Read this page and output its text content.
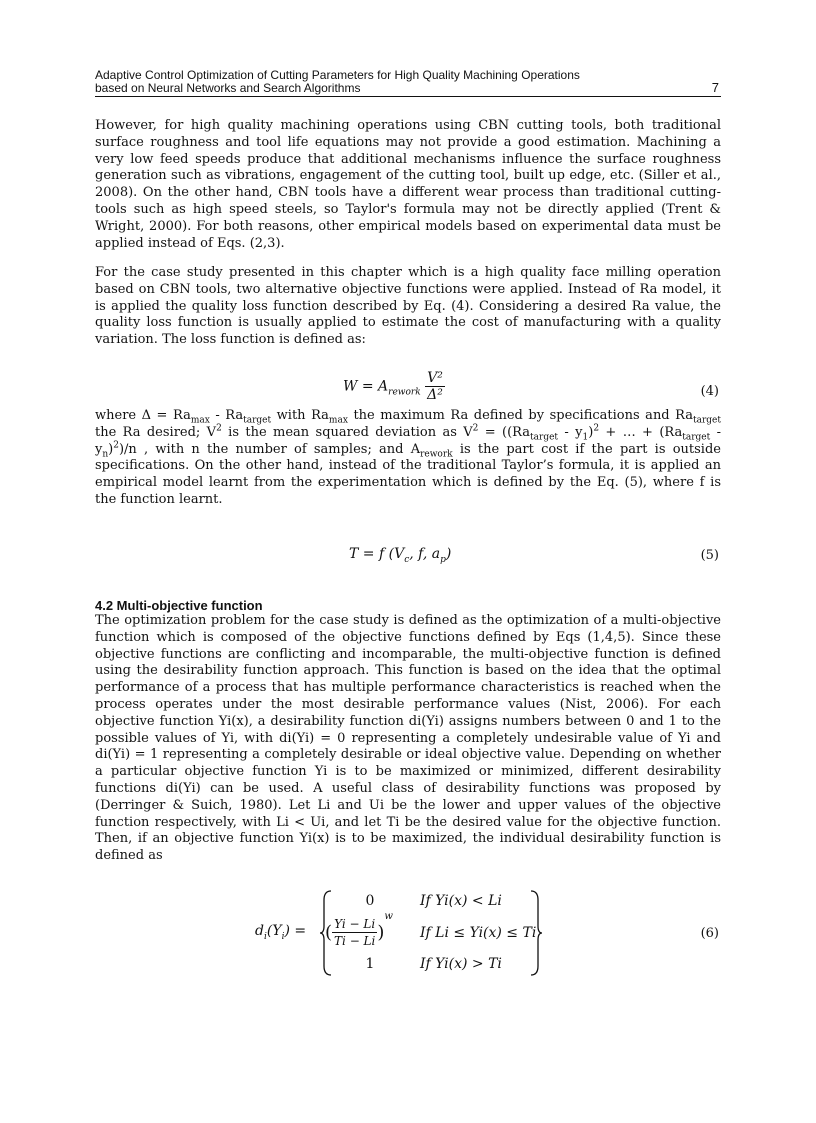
Adaptive Control Optimization of Cutting Parameters for High Quality Machining Operations
based on Neural Networks and Search Algorithms	7
However, for high quality machining operations using CBN cutting tools, both traditional surface roughness and tool life equations may not provide a good estimation. Machining a very low feed speeds produce that additional mechanisms influence the surface roughness generation such as vibrations, engagement of the cutting tool, built up edge, etc. (Siller et al., 2008). On the other hand, CBN tools have a different wear process than traditional cutting-tools such as high speed steels, so Taylor's formula may not be directly applied (Trent & Wright, 2000). For both reasons, other empirical models based on experimental data must be applied instead of Eqs. (2,3).
For the case study presented in this chapter which is a high quality face milling operation based on CBN tools, two alternative objective functions were applied. Instead of Ra model, it is applied the quality loss function described by Eq. (4). Considering a desired Ra value, the quality loss function is usually applied to estimate the cost of manufacturing with a quality variation. The loss function is defined as:
$W = A_{rework} \frac{\text{V²}}{\text{Δ²}}$	(4)
where $\Delta = Ra_{max} - Ra_{target}$ with $Ra_{max}$ the maximum Ra defined by specifications and $Ra_{target}$ the Ra desired; $V^2$ is the mean squared deviation as $V^2 = ((Ra_{target} - y_1)^2$ + … + $(Ra_{target} - y_n)^2)/n$ , with n the number of samples; and $A_{rework}$ is the part cost if the part is outside specifications. On the other hand, instead of the traditional Taylor’s formula, it is applied an empirical model learnt from the experimentation which is defined by the Eq. (5), where f is the function learnt.
T = f ($V_c$, f, $a_p$)	(5)
4.2 Multi-objective function
The optimization problem for the case study is defined as the optimization of a multi-objective function which is composed of the objective functions defined by Eqs (1,4,5). Since these objective functions are conflicting and incomparable, the multi-objective function is defined using the desirability function approach. This function is based on the idea that the optimal performance of a process that has multiple performance characteristics is reached when the process operates under the most desirable performance values (Nist, 2006). For each objective function Yi(x), a desirability function di(Yi) assigns numbers between 0 and 1 to the possible values of Yi, with di(Yi) = 0 representing a completely undesirable value of Yi and di(Yi) = 1 representing a completely desirable or ideal objective value. Depending on whether a particular objective function Yi is to be maximized or minimized, different desirability functions di(Yi) can be used. A useful class of desirability functions was proposed by (Derringer & Suich, 1980). Let Li and Ui be the lower and upper values of the objective function respectively, with Li < Ui, and let Ti be the desired value for the objective function. Then, if an objective function Yi(x) is to be maximized, the individual desirability function is defined as
$d_i(Y_i)$ =
0	If Yi(x) < Li
( $\frac{Yi - Li}{Ti - Li} )^w$
If Li ≤ Yi(x) ≤ Ti
1	If Yi(x) > Ti
(6)
